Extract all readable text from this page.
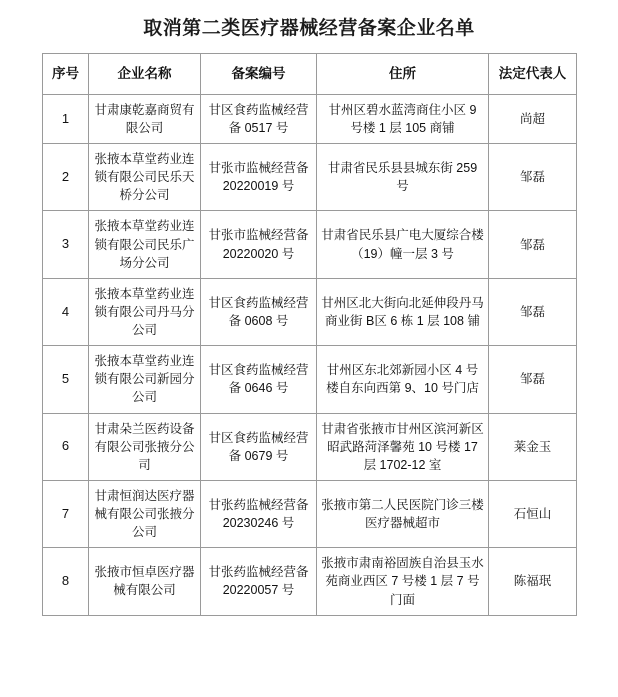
取消第二类医疗器械经营备案企业名单
序号	企业名称	备案编号	住所	法定代表人
1	甘肃康乾嘉商贸有限公司	甘区食药监械经营备 0517 号	甘州区碧水蓝湾商住小区 9 号楼 1 层 105 商铺	尚超
2	张掖本草堂药业连锁有限公司民乐天桥分公司	甘张市监械经营备 20220019 号	甘肃省民乐县县城东街 259 号	邹磊
3	张掖本草堂药业连锁有限公司民乐广场分公司	甘张市监械经营备 20220020 号	甘肃省民乐县广电大厦综合楼（19）幢一层 3 号	邹磊
4	张掖本草堂药业连锁有限公司丹马分公司	甘区食药监械经营备 0608 号	甘州区北大街向北延伸段丹马商业街 B区 6 栋 1 层 108 铺	邹磊
5	张掖本草堂药业连锁有限公司新园分公司	甘区食药监械经营备 0646 号	甘州区东北郊新园小区 4 号楼自东向西第 9、10 号门店	邹磊
6	甘肃朵兰医药设备有限公司张掖分公司	甘区食药监械经营备 0679 号	甘肃省张掖市甘州区滨河新区昭武路菏泽馨苑 10 号楼 17 层 1702-12 室	莱金玉
7	甘肃恒润达医疗器械有限公司张掖分公司	甘张药监械经营备 20230246 号	张掖市第二人民医院门诊三楼医疗器械超市	石恒山
8	张掖市恒卓医疗器械有限公司	甘张药监械经营备 20220057 号	张掖市肃南裕固族自治县玉水苑商业西区 7 号楼 1 层 7 号门面	陈福珉
